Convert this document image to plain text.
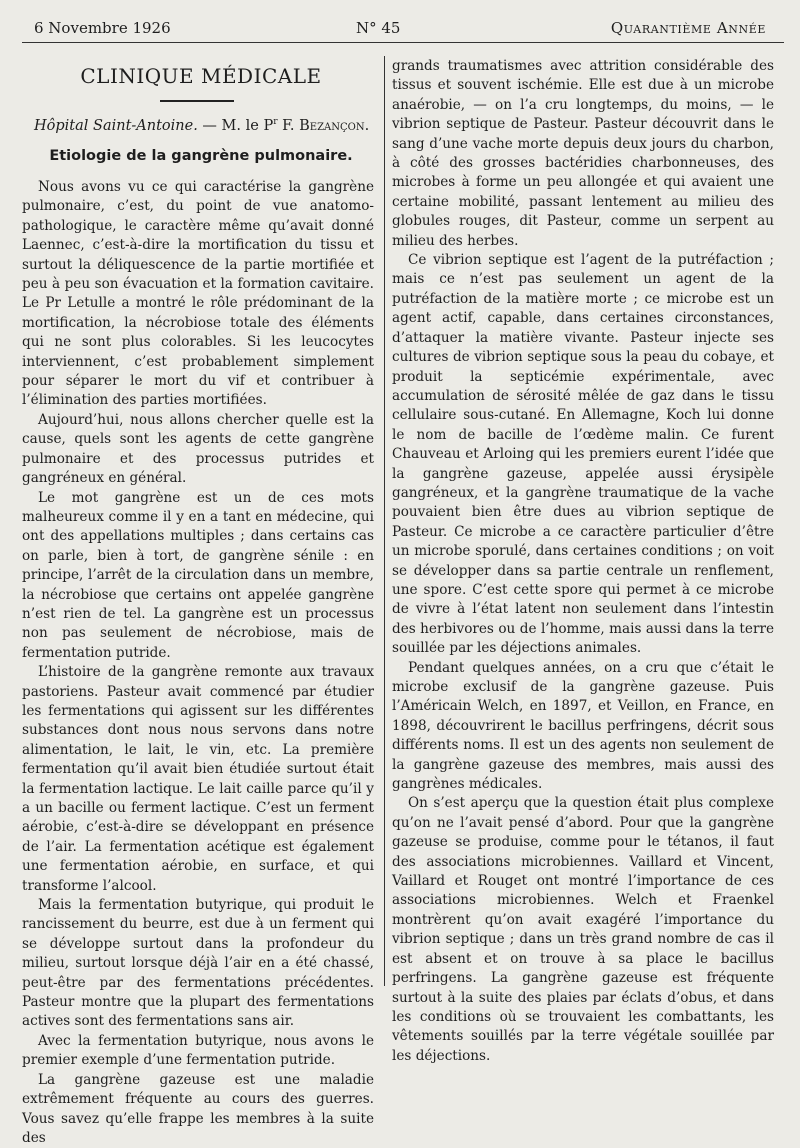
6 Novembre 1926	N° 45	Quarantième Année
CLINIQUE MÉDICALE
Hôpital Saint-Antoine. — M. le $P^r$ F. Bezançon.
Etiologie de la gangrène pulmonaire.

Nous avons vu ce qui caractérise la gangrène pulmonaire, c’est, du point de vue anatomo-pathologique, le caractère même qu’avait donné Laennec, c’est-à-dire la mortification du tissu et surtout la déliquescence de la partie mortifiée et peu à peu son évacuation et la formation cavitaire. Le Pr Letulle a montré le rôle prédominant de la mortification, la nécrobiose totale des éléments qui ne sont plus colorables. Si les leucocytes interviennent, c’est probablement simplement pour séparer le mort du vif et contribuer à l’élimination des parties mortifiées.

Aujourd’hui, nous allons chercher quelle est la cause, quels sont les agents de cette gangrène pulmonaire et des processus putrides et gangréneux en général.

Le mot gangrène est un de ces mots malheureux comme il y en a tant en médecine, qui ont des appellations multiples ; dans certains cas on parle, bien à tort, de gangrène sénile : en principe, l’arrêt de la circulation dans un membre, la nécrobiose que certains ont appelée gangrène n’est rien de tel. La gangrène est un processus non pas seulement de nécrobiose, mais de fermentation putride.

L’histoire de la gangrène remonte aux travaux pastoriens. Pasteur avait commencé par étudier les fermentations qui agissent sur les différentes substances dont nous nous servons dans notre alimentation, le lait, le vin, etc. La première fermentation qu’il avait bien étudiée surtout était la fermentation lactique. Le lait caille parce qu’il y a un bacille ou ferment lactique. C’est un ferment aérobie, c’est-à-dire se développant en présence de l’air. La fermentation acétique est également une fermentation aérobie, en surface, et qui transforme l’alcool.

Mais la fermentation butyrique, qui produit le rancissement du beurre, est due à un ferment qui se développe surtout dans la profondeur du milieu, surtout lorsque déjà l’air en a été chassé, peut-être par des fermentations précédentes. Pasteur montre que la plupart des fermentations actives sont des fermentations sans air.

Avec la fermentation butyrique, nous avons le premier exemple d’une fermentation putride.

La gangrène gazeuse est une maladie extrêmement fréquente au cours des guerres. Vous savez qu’elle frappe les membres à la suite des

grands traumatismes avec attrition considérable des tissus et souvent ischémie. Elle est due à un microbe anaérobie, — on l’a cru longtemps, du moins, — le vibrion septique de Pasteur. Pasteur découvrit dans le sang d’une vache morte depuis deux jours du charbon, à côté des grosses bactéridies charbonneuses, des microbes à forme un peu allongée et qui avaient une certaine mobilité, passant lentement au milieu des globules rouges, dit Pasteur, comme un serpent au milieu des herbes.

Ce vibrion septique est l’agent de la putréfaction ; mais ce n’est pas seulement un agent de la putréfaction de la matière morte ; ce microbe est un agent actif, capable, dans certaines circonstances, d’attaquer la matière vivante. Pasteur injecte ses cultures de vibrion septique sous la peau du cobaye, et produit la septicémie expérimentale, avec accumulation de sérosité mêlée de gaz dans le tissu cellulaire sous-cutané. En Allemagne, Koch lui donne le nom de bacille de l’œdème malin. Ce furent Chauveau et Arloing qui les premiers eurent l’idée que la gangrène gazeuse, appelée aussi érysipèle gangréneux, et la gangrène traumatique de la vache pouvaient bien être dues au vibrion septique de Pasteur. Ce microbe a ce caractère particulier d’être un microbe sporulé, dans certaines conditions ; on voit se développer dans sa partie centrale un renflement, une spore. C’est cette spore qui permet à ce microbe de vivre à l’état latent non seulement dans l’intestin des herbivores ou de l’homme, mais aussi dans la terre souillée par les déjections animales.

Pendant quelques années, on a cru que c’était le microbe exclusif de la gangrène gazeuse. Puis l’Américain Welch, en 1897, et Veillon, en France, en 1898, découvrirent le bacillus perfringens, décrit sous différents noms. Il est un des agents non seulement de la gangrène gazeuse des membres, mais aussi des gangrènes médicales.

On s’est aperçu que la question était plus complexe qu’on ne l’avait pensé d’abord. Pour que la gangrène gazeuse se produise, comme pour le tétanos, il faut des associations microbiennes. Vaillard et Vincent, Vaillard et Rouget ont montré l’importance de ces associations microbiennes. Welch et Fraenkel montrèrent qu’on avait exagéré l’importance du vibrion septique ; dans un très grand nombre de cas il est absent et on trouve à sa place le bacillus perfringens. La gangrène gazeuse est fréquente surtout à la suite des plaies par éclats d’obus, et dans les conditions où se trouvaient les combattants, les vêtements souillés par la terre végétale souillée par les déjections.
